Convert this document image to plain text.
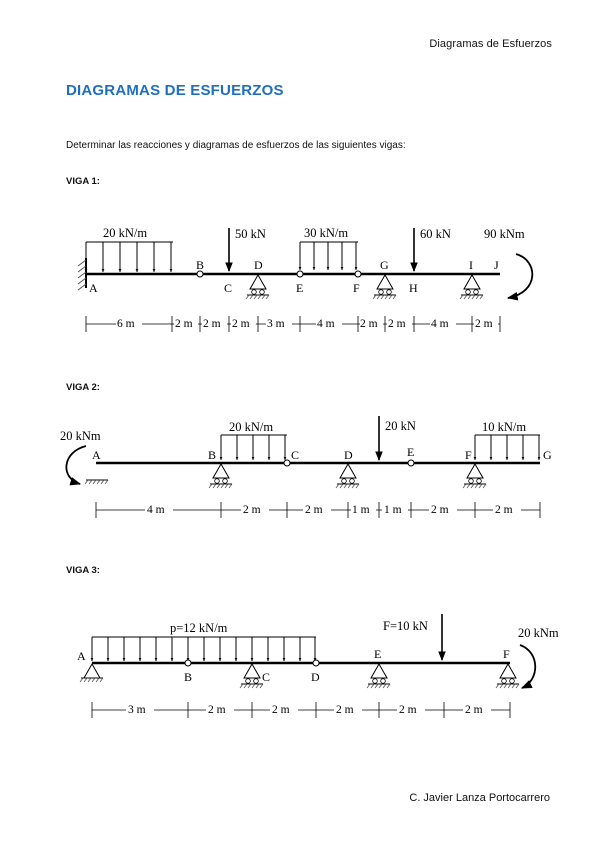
Diagramas de Esfuerzos
DIAGRAMAS DE ESFUERZOS
Determinar las reacciones y diagramas de esfuerzos de las siguientes vigas:
VIGA 1:
20 kN/m	50 kN	30 kN/m	60 kN	90 kNm
A
B
C
D
E	F
G
H
I J
6 m	2 m 2 m 2 m 3 m	4 m 2 m 2 m 4 m 2 m
VIGA 2:
20 kNm
20 kN/m	20 kN	10 kN/m
A	B	C	D	E	F	G
4 m	2 m	2 m	1 m 1 m	2 m	2 m
VIGA 3:
p=12 kN/m	F=10 kN	20 kNm
A
B	C	D
E	F
3 m	2 m	2 m	2 m	2 m	2 m
C. Javier Lanza Portocarrero
